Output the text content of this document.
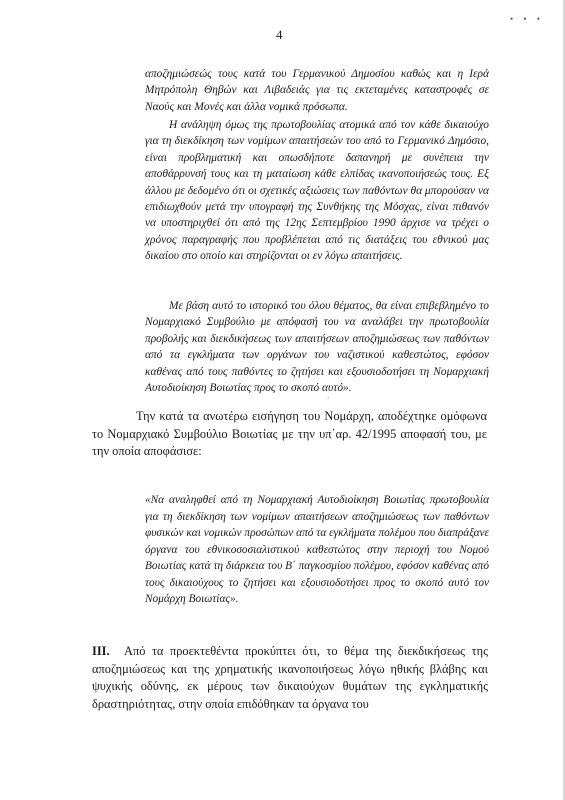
• • •
4
αποζημιώσεώς τους κατά του Γερμανικού Δημοσίου καθώς και η Ιερά Μητρόπολη Θηβών και Λιβαδειάς για τις εκτεταμένες καταστροφές σε Ναούς και Μονές και άλλα νομικά πρόσωπα.
Η ανάληψη όμως της πρωτοβουλίας ατομικά από τον κάθε δικαιούχο για τη διεκδίκηση των νομίμων απαιτήσεών του από το Γερμανικό Δημόσιο, είναι προβληματική και οπωσδήποτε δαπανηρή με συνέπεια την αποθάρρυνσή τους και τη ματαίωση κάθε ελπίδας ικανοποιήσεώς τους. Εξ άλλου με δεδομένο ότι οι σχετικές αξιώσεις των παθόντων θα μπορούσαν να επιδιωχθούν μετά την υπογραφή της Συνθήκης της Μόσχας, είναι πιθανόν να υποστηριχθεί ότι από της 12ης Σεπτεμβρίου 1990 άρχισε να τρέχει ο χρόνος παραγραφής που προβλέπεται από τις διατάξεις του εθνικού μας δικαίου στο οποίο και στηρίζονται οι εν λόγω απαιτήσεις.
Με βάση αυτό το ιστορικό του όλου θέματος, θα είναι επιβεβλημένο το Νομαρχιακό Συμβούλιο με απόφασή του να αναλάβει την πρωτοβουλία προβολής και διεκδικήσεως των απαιτήσεων αποζημιώσεως των παθόντων από τα εγκλήματα των οργάνων του ναζιστικού καθεστώτος, εφόσον καθένας από τους παθόντες το ζητήσει και εξουσιοδοτήσει τη Νομαρχιακή Αυτοδιοίκηση Βοιωτίας προς το σκοπό αυτό».
ˋ
Την κατά τα ανωτέρω εισήγηση του Νομάρχη, αποδέχτηκε ομόφωνα το Νομαρχιακό Συμβούλιο Βοιωτίας με την υπ΄αρ. 42/1995 αποφασή του, με την οποία αποφάσισε:
«Να αναληφθεί από τη Νομαρχιακή Αυτοδιοίκηση Βοιωτίας πρωτοβουλία για τη διεκδίκηση των νομίμων απαιτήσεων αποζημιώσεως των παθόντων φυσικών και νομικών προσώπων από τα εγκλήματα πολέμου που διαπράξανε όργανα του εθνικοσοσιαλιστικού καθεστώτος στην περιοχή του Νομού Βοιωτίας κατά τη διάρκεια του Β΄ παγκοσμίου πολέμου, εφόσον καθένας από τους δικαιούχους το ζητήσει και εξουσιοδοτήσει προς το σκοπό αυτό τον Νομάρχη Βοιωτίας».
ΙΙΙ. Από τα προεκτεθέντα προκύπτει ότι, το θέμα της διεκδικήσεως της αποζημιώσεως και της χρηματικής ικανοποιήσεως λόγω ηθικής βλάβης και ψυχικής οδύνης, εκ μέρους των δικαιούχων θυμάτων της εγκληματικής δραστηριότητας, στην οποία επιδόθηκαν τα όργανα του
